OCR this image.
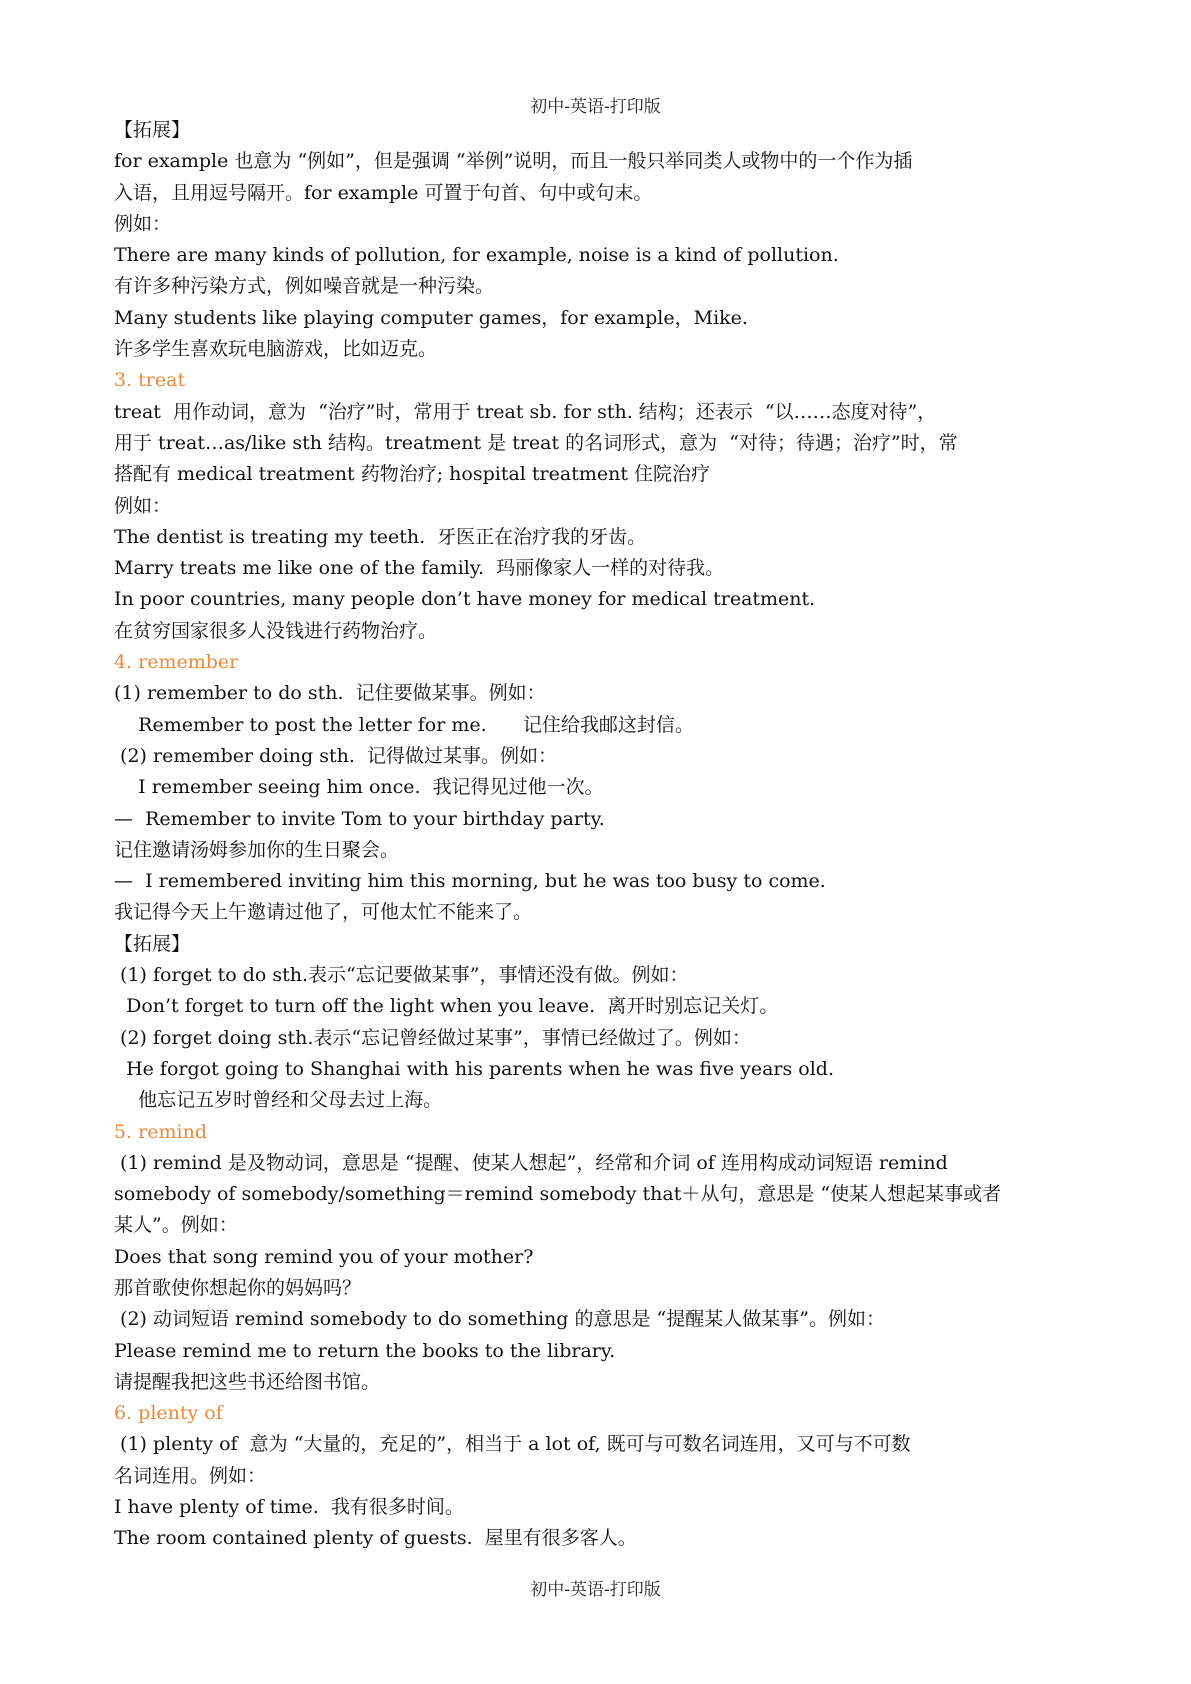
初中-英语-打印版
【拓展】
for example 也意为 “例如”，但是强调 “举例”说明，而且一般只举同类人或物中的一个作为插
入语，且用逗号隔开。for example 可置于句首、句中或句末。
例如：
There are many kinds of pollution, for example, noise is a kind of pollution.
有许多种污染方式，例如噪音就是一种污染。
Many students like playing computer games，for example，Mike.
许多学生喜欢玩电脑游戏，比如迈克。
3. treat
treat  用作动词，意为  “治疗”时，常用于 treat sb. for sth. 结构；还表示  “以……态度对待”，
用于 treat…as/like sth 结构。treatment 是 treat 的名词形式，意为  “对待；待遇；治疗”时，常
搭配有 medical treatment 药物治疗; hospital treatment 住院治疗
例如：
The dentist is treating my teeth.  牙医正在治疗我的牙齿。
Marry treats me like one of the family.  玛丽像家人一样的对待我。
In poor countries, many people don’t have money for medical treatment.
在贫穷国家很多人没钱进行药物治疗。
4. remember
(1) remember to do sth.  记住要做某事。例如：
Remember to post the letter for me.      记住给我邮这封信。
(2) remember doing sth.  记得做过某事。例如：
I remember seeing him once.  我记得见过他一次。
—  Remember to invite Tom to your birthday party.
记住邀请汤姆参加你的生日聚会。
—  I remembered inviting him this morning, but he was too busy to come.
我记得今天上午邀请过他了，可他太忙不能来了。
【拓展】
(1) forget to do sth.表示“忘记要做某事”，事情还没有做。例如：
Don’t forget to turn off the light when you leave.  离开时别忘记关灯。
(2) forget doing sth.表示“忘记曾经做过某事”，事情已经做过了。例如：
He forgot going to Shanghai with his parents when he was five years old.
他忘记五岁时曾经和父母去过上海。
5. remind
(1) remind 是及物动词，意思是 “提醒、使某人想起”，经常和介词 of 连用构成动词短语 remind
somebody of somebody/something＝remind somebody that＋从句，意思是 “使某人想起某事或者
某人”。例如：
Does that song remind you of your mother?
那首歌使你想起你的妈妈吗？
(2) 动词短语 remind somebody to do something 的意思是 “提醒某人做某事”。例如：
Please remind me to return the books to the library.
请提醒我把这些书还给图书馆。
6. plenty of
(1) plenty of  意为 “大量的，充足的”，相当于 a lot of, 既可与可数名词连用，又可与不可数
名词连用。例如：
I have plenty of time.  我有很多时间。
The room contained plenty of guests.  屋里有很多客人。
初中-英语-打印版
